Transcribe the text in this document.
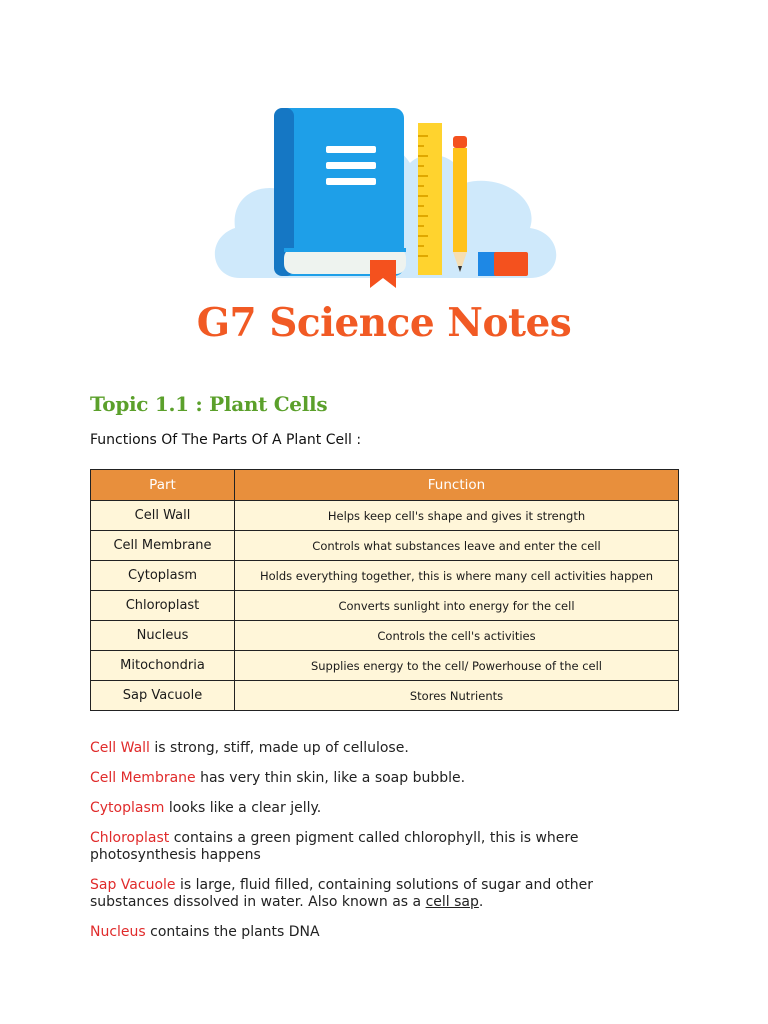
G7 Science Notes
Topic 1.1 : Plant Cells
Functions Of The Parts Of A Plant Cell :
Part	Function
Cell Wall	Helps keep cell's shape and gives it strength
Cell Membrane	Controls what substances leave and enter the cell
Cytoplasm	Holds everything together, this is where many cell activities happen
Chloroplast	Converts sunlight into energy for the cell
Nucleus	Controls the cell's activities
Mitochondria	Supplies energy to the cell/ Powerhouse of the cell
Sap Vacuole	Stores Nutrients

Cell Wall is strong, stiff, made up of cellulose.

Cell Membrane has very thin skin, like a soap bubble.

Cytoplasm looks like a clear jelly.

Chloroplast contains a green pigment called chlorophyll, this is where photosynthesis happens

Sap Vacuole is large, fluid filled, containing solutions of sugar and other substances dissolved in water. Also known as a cell sap.

Nucleus contains the plants DNA
